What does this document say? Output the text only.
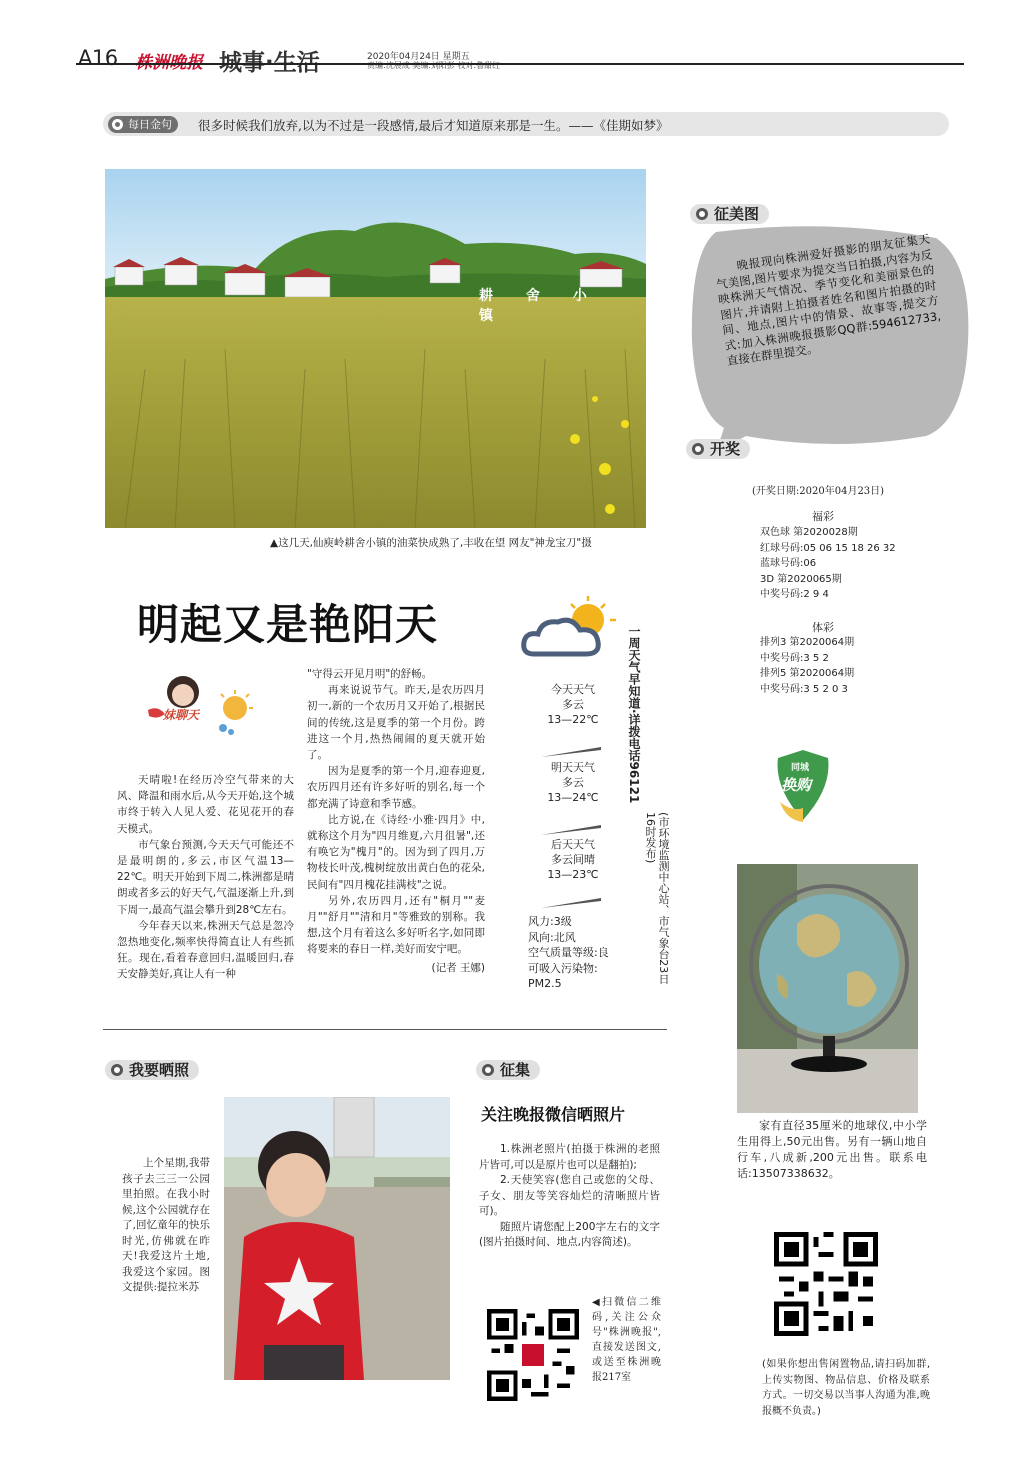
A16 株洲晚报 城事·生活	2020年04月24日 星期五
责编:沈展成 美编:刘阳彭 校对:鲁甜红
每日金句	很多时候我们放弃,以为不过是一段感情,最后才知道原来那是一生。——《佳期如梦》
耕 舍 小 镇
▲这几天,仙庾岭耕舍小镇的油菜快成熟了,丰收在望 网友"神龙宝刀"摄
明起又是艳阳天
妹聊天

天晴啦!在经历冷空气带来的大风、降温和雨水后,从今天开始,这个城市终于转入人见人爱、花见花开的春天模式。

市气象台预测,今天天气可能还不是最明朗的,多云,市区气温13—22℃。明天开始到下周二,株洲都是晴朗或者多云的好天气,气温逐渐上升,到下周一,最高气温会攀升到28℃左右。

今年春天以来,株洲天气总是忽冷忽热地变化,频率快得简直让人有些抓狂。现在,看着春意回归,温暖回归,春天安静美好,真让人有一种

"守得云开见月明"的舒畅。

再来说说节气。昨天,是农历四月初一,新的一个农历月又开始了,根据民间的传统,这是夏季的第一个月份。跨进这一个月,热热闹闹的夏天就开始了。

因为是夏季的第一个月,迎春迎夏,农历四月还有许多好听的别名,每一个都充满了诗意和季节感。

比方说,在《诗经·小雅·四月》中,就称这个月为"四月维夏,六月徂暑",还有唤它为"槐月"的。因为到了四月,万物枝长叶茂,槐树绽放出黄白色的花朵,民间有"四月槐花挂满枝"之说。

另外,农历四月,还有"桐月""麦月""舒月""清和月"等雅致的别称。我想,这个月有着这么多好听名字,如同即将要来的春日一样,美好而安宁吧。

(记者 王娜)
今天天气
多云
13—22℃
明天天气
多云
13—24℃
后天天气
多云间晴
13—23℃
风力:3级
风向:北风
空气质量等级:良
可吸入污染物:
PM2.5
一周天气早知道·详拨电话96121
(市环境监测中心站、市气象台23日16时发布)
征美图
晚报现向株洲爱好摄影的朋友征集天气美图,图片要求为提交当日拍摄,内容为反映株洲天气情况、季节变化和美丽景色的图片,并请附上拍摄者姓名和图片拍摄的时间、地点,图片中的情景、故事等,提交方式:加入株洲晚报摄影QQ群:594612733,直接在群里提交。
开奖
(开奖日期:2020年04月23日)
福彩
双色球 第2020028期
红球号码:05 06 15 18 26 32
蓝球号码:06
3D 第2020065期
中奖号码:2 9 4
体彩
排列3 第2020064期
中奖号码:3 5 2
排列5 第2020064期
中奖号码:3 5 2 0 3
同城
换购
家有直径35厘米的地球仪,中小学生用得上,50元出售。另有一辆山地自行车,八成新,200元出售。联系电话:13507338632。
(如果你想出售闲置物品,请扫码加群,上传实物图、物品信息、价格及联系方式。一切交易以当事人沟通为准,晚报概不负责。)
我要晒照
上个星期,我带孩子去三三一公园里拍照。在我小时候,这个公园就存在了,回忆童年的快乐时光,仿佛就在昨天!我爱这片土地,我爱这个家园。图文提供:提拉米苏
征集
关注晚报微信晒照片

1.株洲老照片(拍摄于株洲的老照片皆可,可以是原片也可以是翻拍);

2.天使笑容(您自己或您的父母、子女、朋友等笑容灿烂的清晰照片皆可)。

随照片请您配上200字左右的文字(图片拍摄时间、地点,内容简述)。

◀扫微信二维码,关注公众号"株洲晚报",直接发送图文,或送至株洲晚报217室
